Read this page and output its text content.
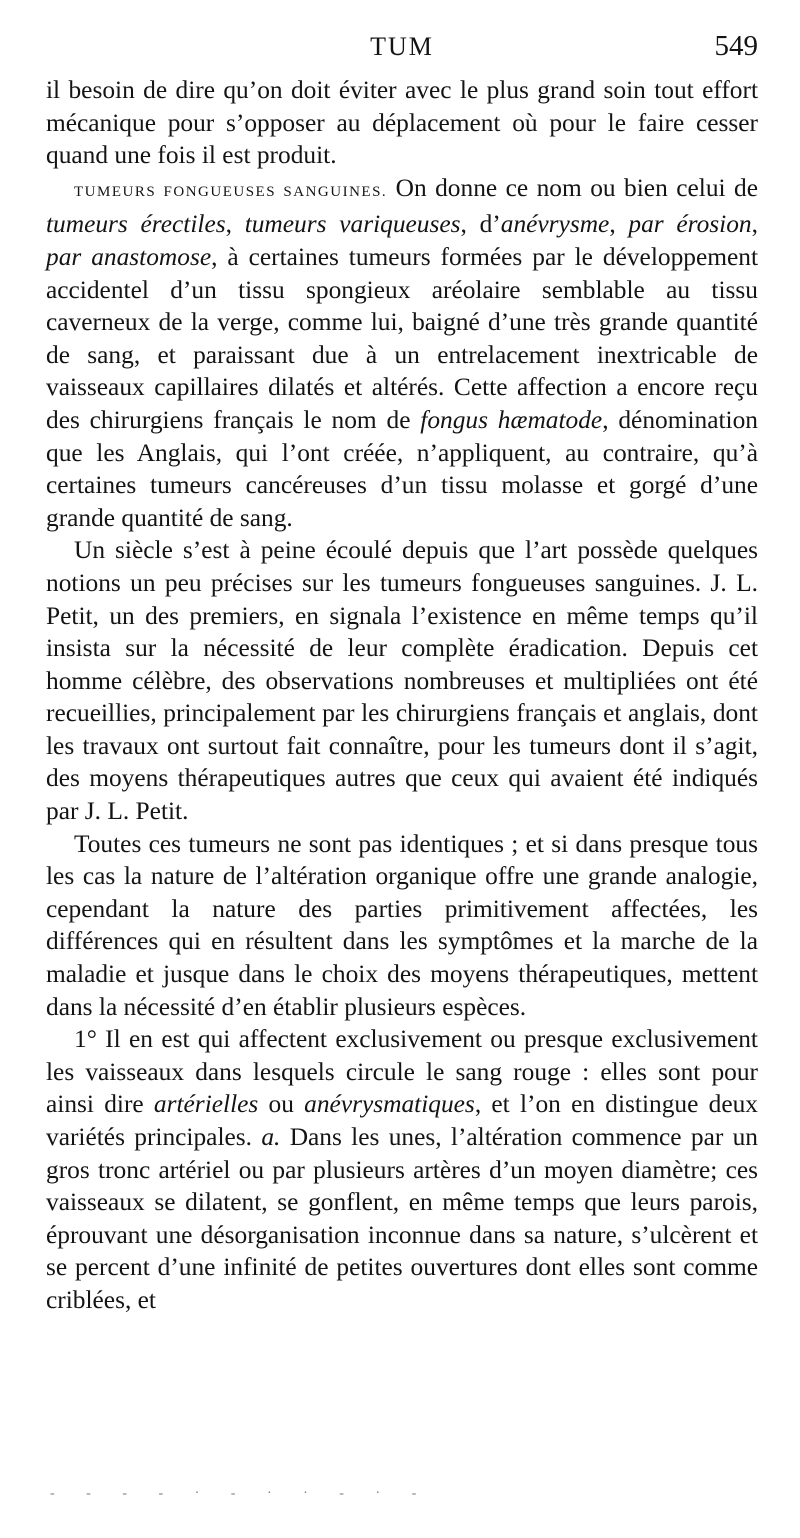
TUM	549

il besoin de dire qu’on doit éviter avec le plus grand soin tout effort mécanique pour s’opposer au déplacement où pour le faire cesser quand une fois il est produit.

TUMEURS FONGUEUSES SANGUINES. On donne ce nom ou bien celui de tumeurs érectiles, tumeurs variqueuses, d’anévrysme, par érosion, par anastomose, à certaines tumeurs formées par le développement accidentel d’un tissu spongieux aréolaire semblable au tissu caverneux de la verge, comme lui, baigné d’une très grande quantité de sang, et paraissant due à un entrelacement inextricable de vaisseaux capillaires dilatés et altérés. Cette affection a encore reçu des chirurgiens français le nom de fongus hæmatode, dénomination que les Anglais, qui l’ont créée, n’appliquent, au contraire, qu’à certaines tumeurs cancéreuses d’un tissu molasse et gorgé d’une grande quantité de sang.

Un siècle s’est à peine écoulé depuis que l’art possède quelques notions un peu précises sur les tumeurs fongueuses sanguines. J. L. Petit, un des premiers, en signala l’existence en même temps qu’il insista sur la nécessité de leur complète éradication. Depuis cet homme célèbre, des observations nombreuses et multipliées ont été recueillies, principalement par les chirurgiens français et anglais, dont les travaux ont surtout fait connaître, pour les tumeurs dont il s’agit, des moyens thérapeutiques autres que ceux qui avaient été indiqués par J. L. Petit.

Toutes ces tumeurs ne sont pas identiques ; et si dans presque tous les cas la nature de l’altération organique offre une grande analogie, cependant la nature des parties primitivement affectées, les différences qui en résultent dans les symptômes et la marche de la maladie et jusque dans le choix des moyens thérapeutiques, mettent dans la nécessité d’en établir plusieurs espèces.

1° Il en est qui affectent exclusivement ou presque exclusivement les vaisseaux dans lesquels circule le sang rouge : elles sont pour ainsi dire artérielles ou anévrysmatiques, et l’on en distingue deux variétés principales. a. Dans les unes, l’altération commence par un gros tronc artériel ou par plusieurs artères d’un moyen diamètre; ces vaisseaux se dilatent, se gonflent, en même temps que leurs parois, éprouvant une désorganisation inconnue dans sa nature, s’ulcèrent et se percent d’une infinité de petites ouvertures dont elles sont comme criblées, et

- - - - · - · · - · -
